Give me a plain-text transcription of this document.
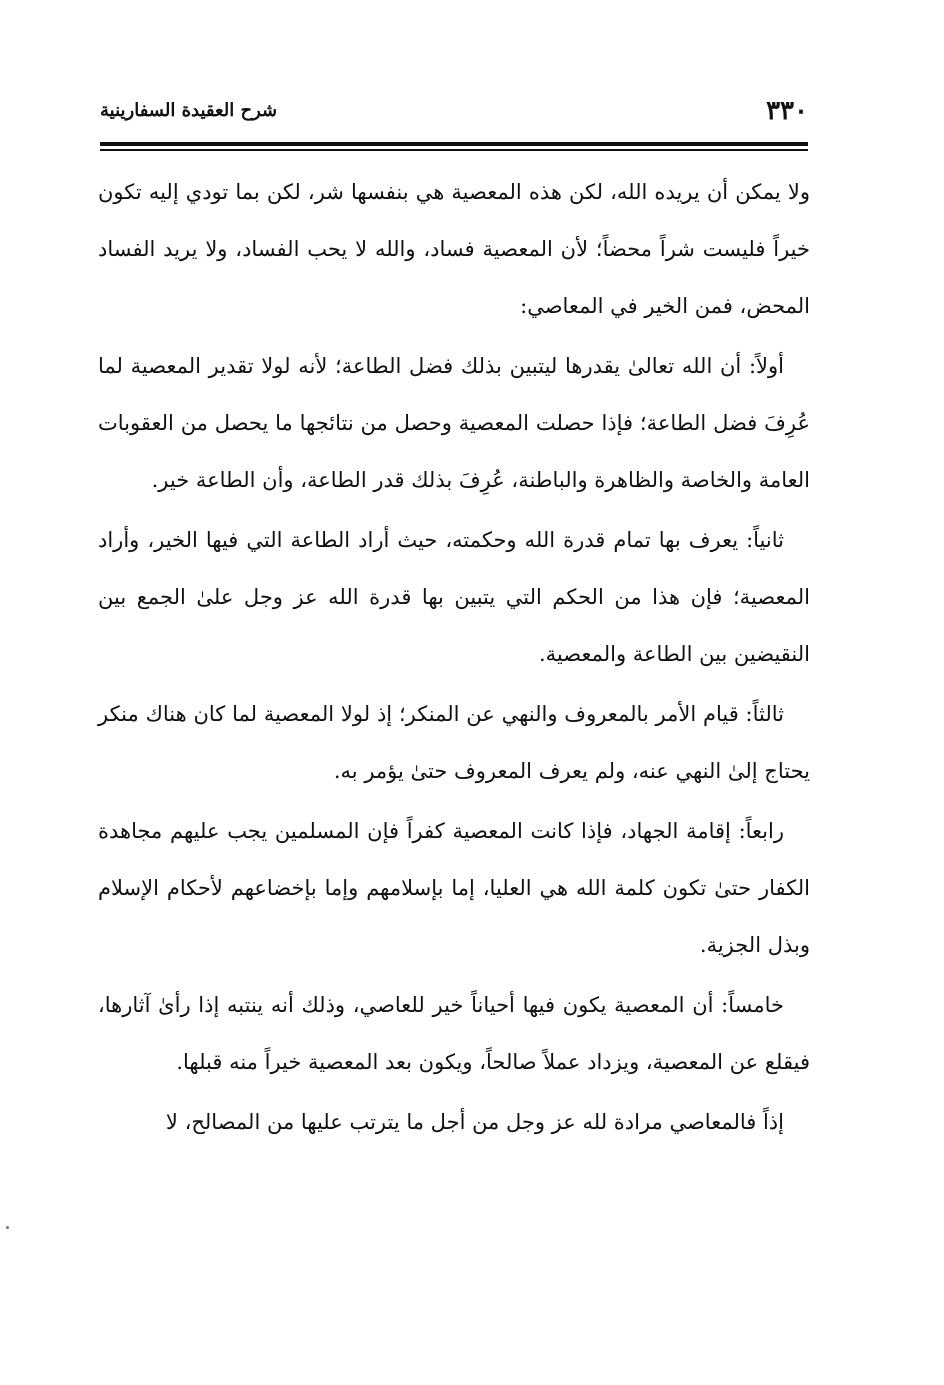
٣٣٠
شرح العقيدة السفارينية

ولا يمكن أن يريده الله، لكن هذه المعصية هي بنفسها شر، لكن بما تودي إليه تكون خيراً فليست شراً محضاً؛ لأن المعصية فساد، والله لا يحب الفساد، ولا يريد الفساد المحض، فمن الخير في المعاصي:

أولاً: أن الله تعالىٰ يقدرها ليتبين بذلك فضل الطاعة؛ لأنه لولا تقدير المعصية لما عُرِفَ فضل الطاعة؛ فإذا حصلت المعصية وحصل من نتائجها ما يحصل من العقوبات العامة والخاصة والظاهرة والباطنة، عُرِفَ بذلك قدر الطاعة، وأن الطاعة خير.

ثانياً: يعرف بها تمام قدرة الله وحكمته، حيث أراد الطاعة التي فيها الخير، وأراد المعصية؛ فإن هذا من الحكم التي يتبين بها قدرة الله عز وجل علىٰ الجمع بين النقيضين بين الطاعة والمعصية.

ثالثاً: قيام الأمر بالمعروف والنهي عن المنكر؛ إذ لولا المعصية لما كان هناك منكر يحتاج إلىٰ النهي عنه، ولم يعرف المعروف حتىٰ يؤمر به.

رابعاً: إقامة الجهاد، فإذا كانت المعصية كفراً فإن المسلمين يجب عليهم مجاهدة الكفار حتىٰ تكون كلمة الله هي العليا، إما بإسلامهم وإما بإخضاعهم لأحكام الإسلام وبذل الجزية.

خامساً: أن المعصية يكون فيها أحياناً خير للعاصي، وذلك أنه ينتبه إذا رأىٰ آثارها، فيقلع عن المعصية، ويزداد عملاً صالحاً، ويكون بعد المعصية خيراً منه قبلها.

إذاً فالمعاصي مرادة لله عز وجل من أجل ما يترتب عليها من المصالح، لا
